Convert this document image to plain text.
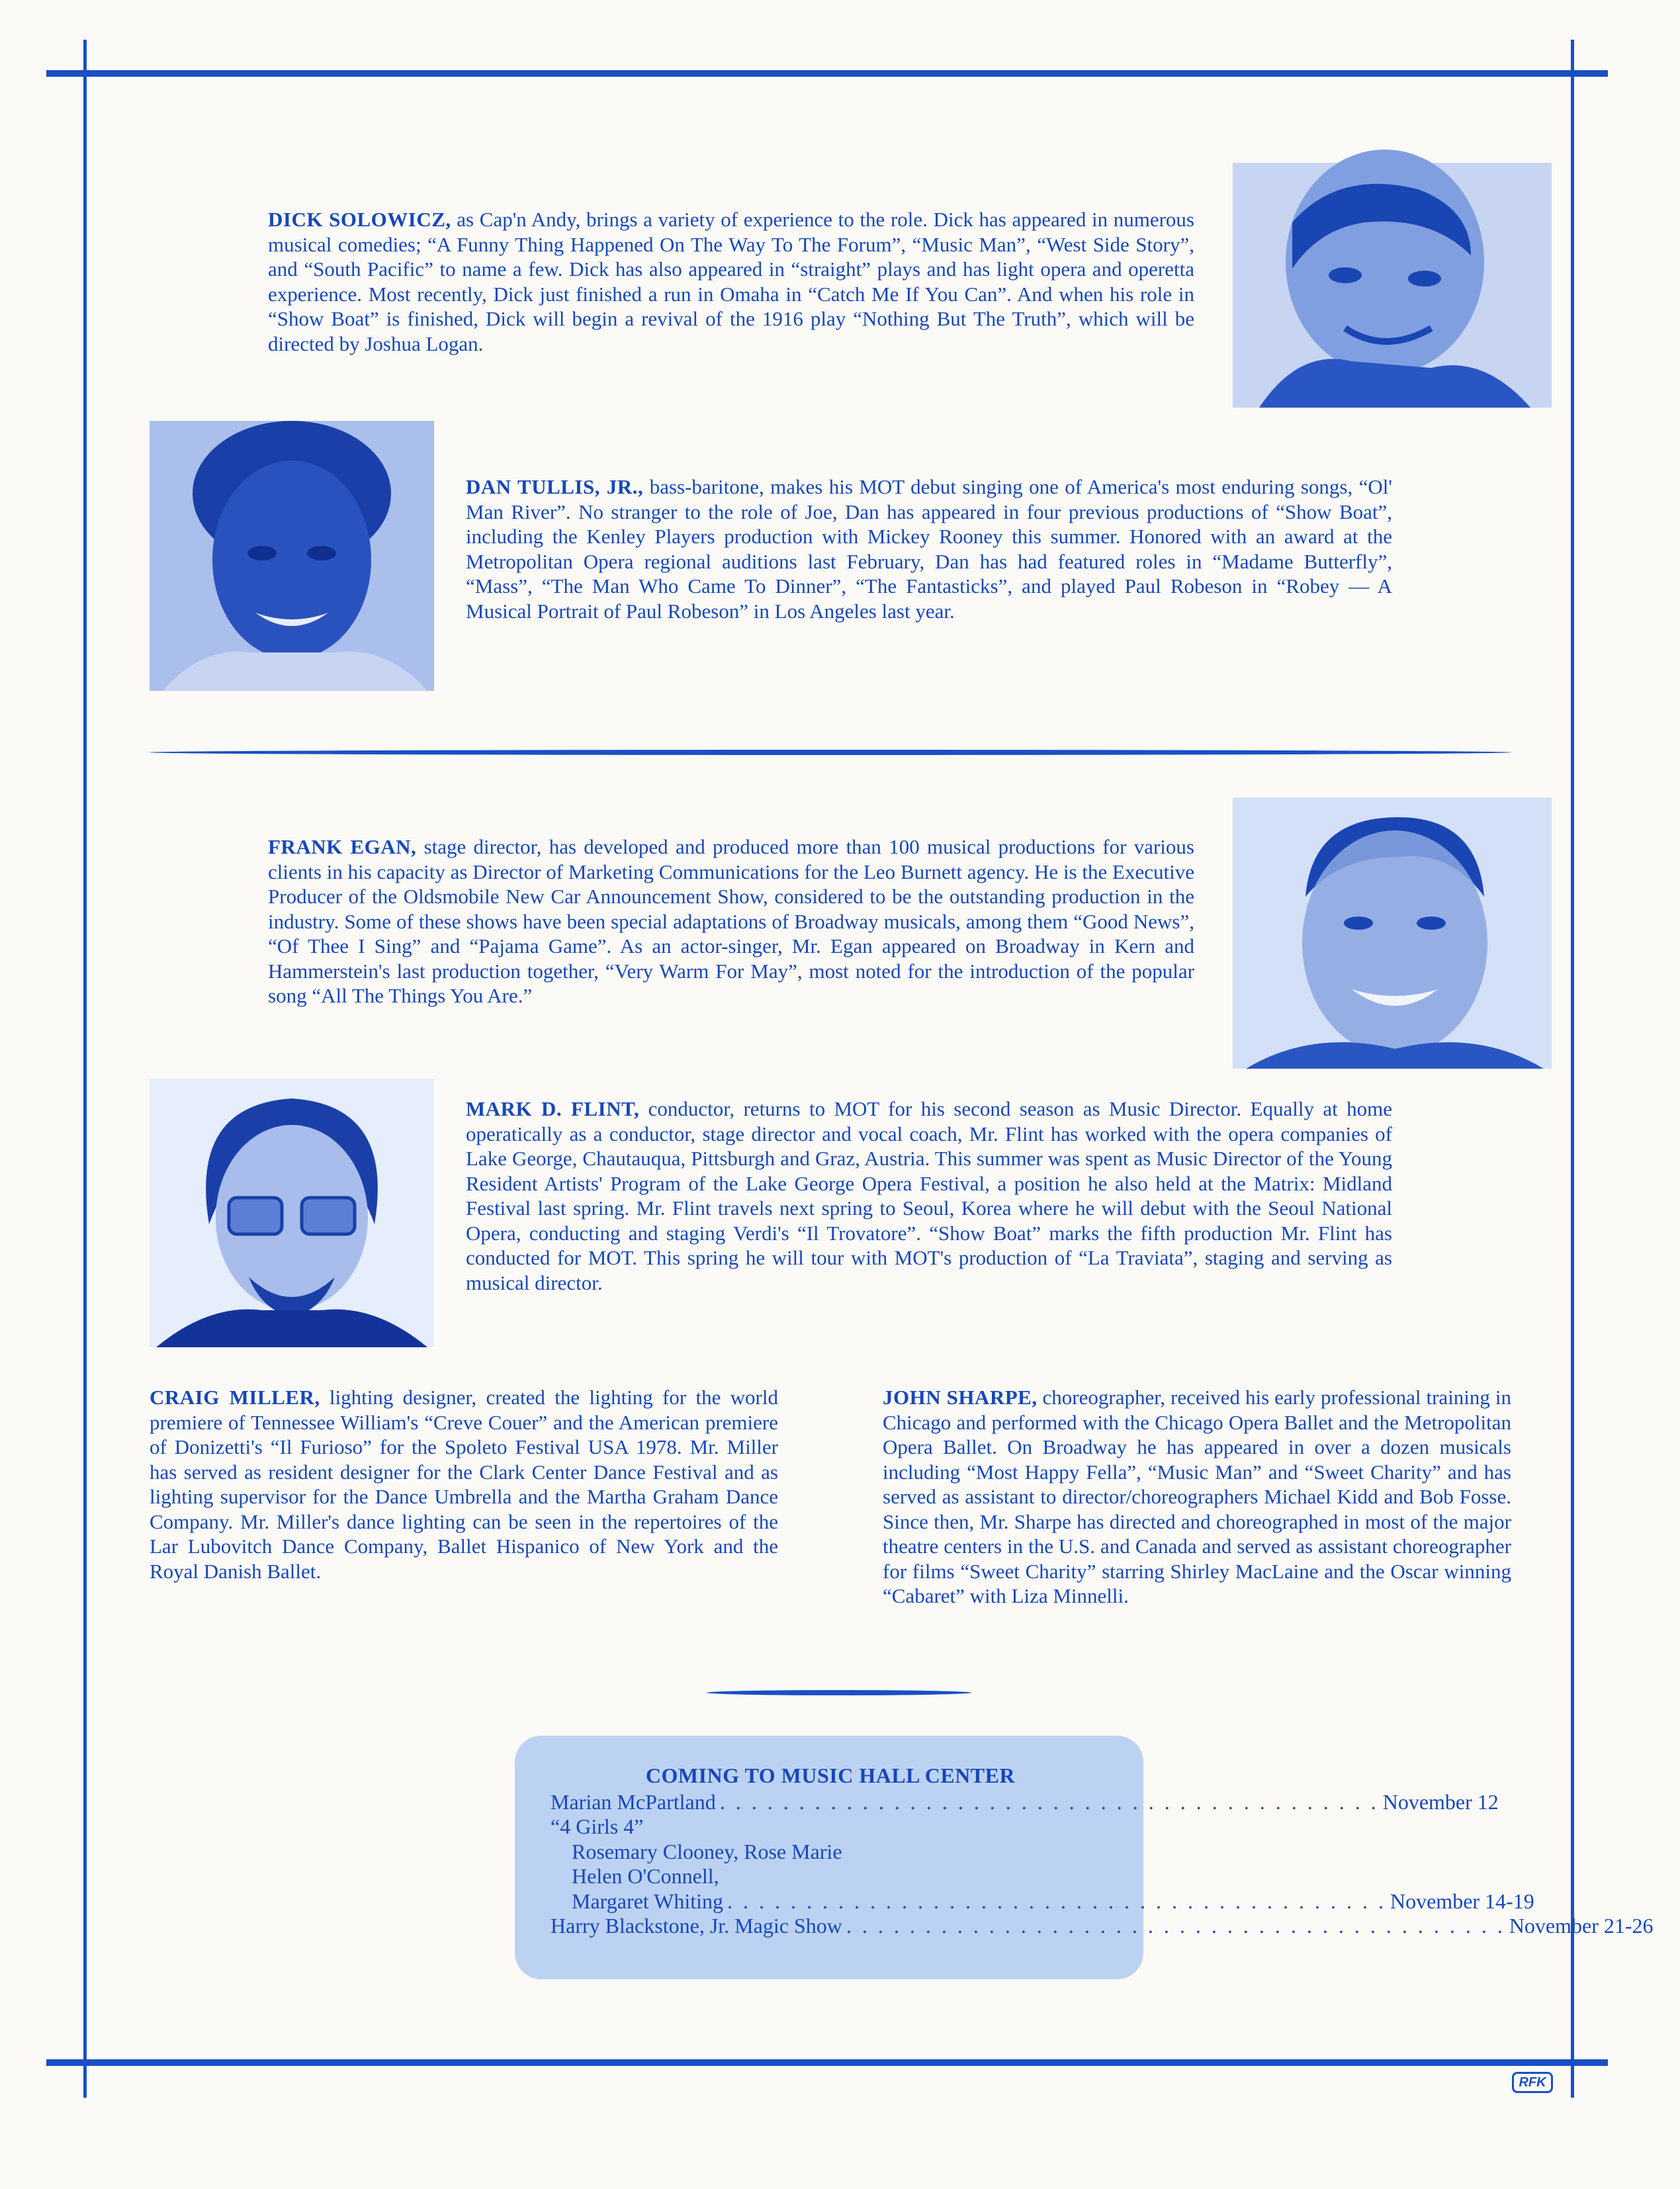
DICK SOLOWICZ, as Cap'n Andy, brings a variety of experience to the role. Dick has appeared in numerous musical comedies; “A Funny Thing Happened On The Way To The Forum”, “Music Man”, “West Side Story”, and “South Pacific” to name a few. Dick has also appeared in “straight” plays and has light opera and operetta experience. Most recently, Dick just finished a run in Omaha in “Catch Me If You Can”. And when his role in “Show Boat” is finished, Dick will begin a revival of the 1916 play “Nothing But The Truth”, which will be directed by Joshua Logan.
DAN TULLIS, JR., bass-baritone, makes his MOT debut singing one of America's most enduring songs, “Ol' Man River”. No stranger to the role of Joe, Dan has appeared in four previous productions of “Show Boat”, including the Kenley Players production with Mickey Rooney this summer. Honored with an award at the Metropolitan Opera regional auditions last February, Dan has had featured roles in “Madame Butterfly”, “Mass”, “The Man Who Came To Dinner”, “The Fantasticks”, and played Paul Robeson in “Robey — A Musical Portrait of Paul Robeson” in Los Angeles last year.
FRANK EGAN, stage director, has developed and produced more than 100 musical productions for various clients in his capacity as Director of Marketing Communications for the Leo Burnett agency. He is the Executive Producer of the Oldsmobile New Car Announcement Show, considered to be the outstanding production in the industry. Some of these shows have been special adaptations of Broadway musicals, among them “Good News”, “Of Thee I Sing” and “Pajama Game”. As an actor-singer, Mr. Egan appeared on Broadway in Kern and Hammerstein's last production together, “Very Warm For May”, most noted for the introduction of the popular song “All The Things You Are.”
MARK D. FLINT, conductor, returns to MOT for his second season as Music Director. Equally at home operatically as a conductor, stage director and vocal coach, Mr. Flint has worked with the opera companies of Lake George, Chautauqua, Pittsburgh and Graz, Austria. This summer was spent as Music Director of the Young Resident Artists' Program of the Lake George Opera Festival, a position he also held at the Matrix: Midland Festival last spring. Mr. Flint travels next spring to Seoul, Korea where he will debut with the Seoul National Opera, conducting and staging Verdi's “Il Trovatore”. “Show Boat” marks the fifth production Mr. Flint has conducted for MOT. This spring he will tour with MOT's production of “La Traviata”, staging and serving as musical director.
CRAIG MILLER, lighting designer, created the lighting for the world premiere of Tennessee William's “Creve Couer” and the American premiere of Donizetti's “Il Furioso” for the Spoleto Festival USA 1978. Mr. Miller has served as resident designer for the Clark Center Dance Festival and as lighting supervisor for the Dance Umbrella and the Martha Graham Dance Company. Mr. Miller's dance lighting can be seen in the repertoires of the Lar Lubovitch Dance Company, Ballet Hispanico of New York and the Royal Danish Ballet.
JOHN SHARPE, choreographer, received his early professional training in Chicago and performed with the Chicago Opera Ballet and the Metropolitan Opera Ballet. On Broadway he has appeared in over a dozen musicals including “Most Happy Fella”, “Music Man” and “Sweet Charity” and has served as assistant to director/choreographers Michael Kidd and Bob Fosse. Since then, Mr. Sharpe has directed and choreographed in most of the major theatre centers in the U.S. and Canada and served as assistant choreographer for films “Sweet Charity” starring Shirley MacLaine and the Oscar winning “Cabaret” with Liza Minnelli.
COMING TO MUSIC HALL CENTER
Marian McPartland . . . . . . . . . . . . . . . . . . . . . . . . . . . . . . . . . . . . . . . . . . November 12
“4 Girls 4”
Rosemary Clooney, Rose Marie
Helen O'Connell,
Margaret Whiting . . . . . . . . . . . . . . . . . . . . . . . . . . . . . . . . . . . . . . . . . . November 14-19
Harry Blackstone, Jr. Magic Show . . . . . . . . . . . . . . . . . . . . . . . . . . . . . . . . . . . . . . . . . . November 21-26
RFK
